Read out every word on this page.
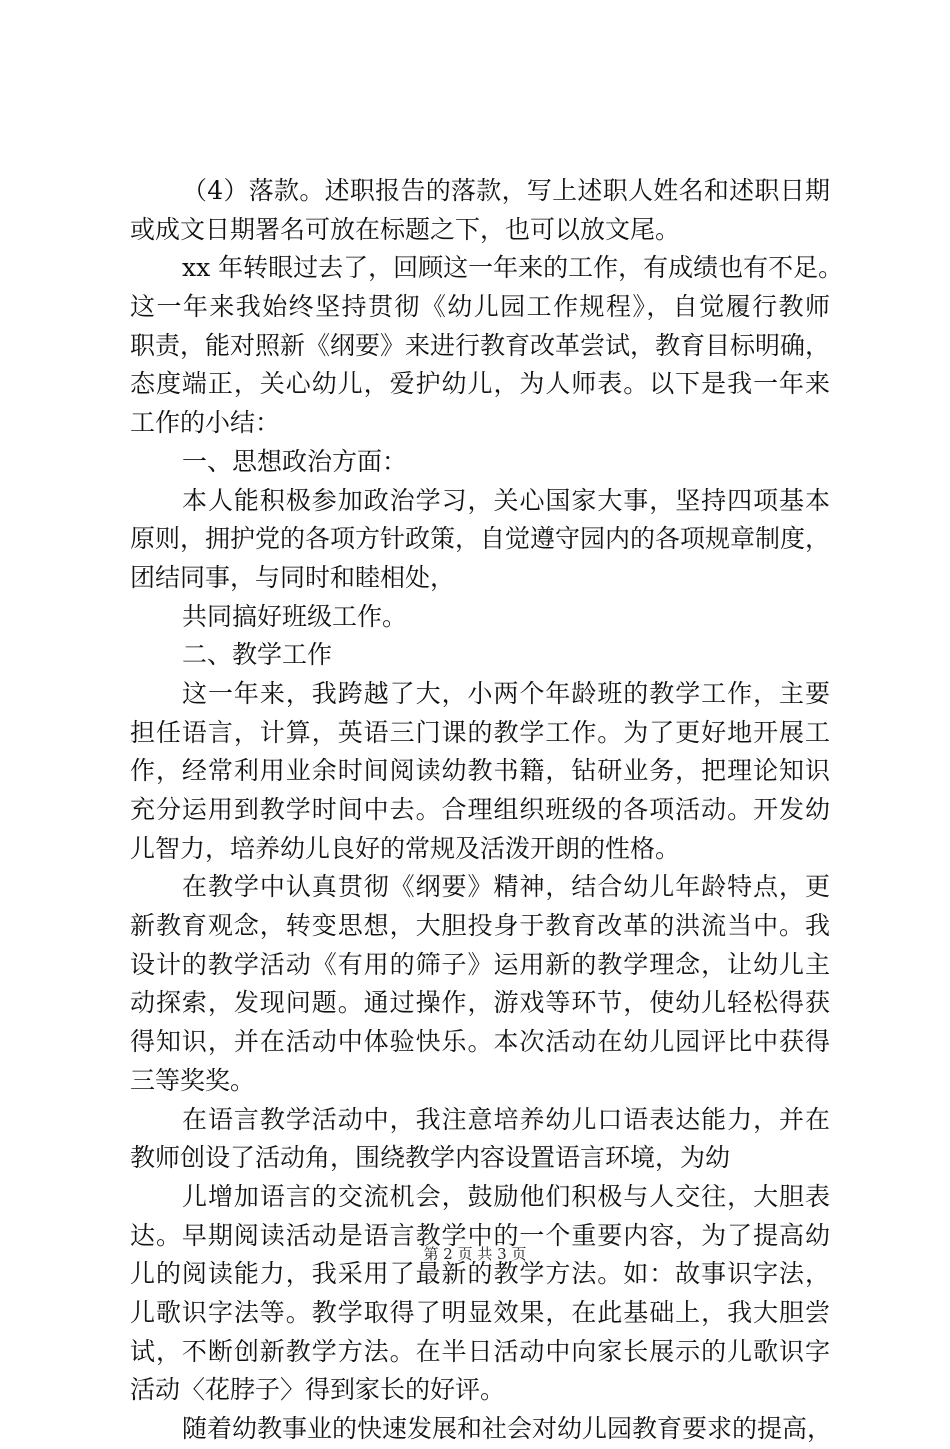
（4）落款。述职报告的落款，写上述职人姓名和述职日期
或成文日期署名可放在标题之下，也可以放文尾。
xx 年转眼过去了，回顾这一年来的工作，有成绩也有不足。
这一年来我始终坚持贯彻《幼儿园工作规程》，自觉履行教师
职责，能对照新《纲要》来进行教育改革尝试，教育目标明确，
态度端正，关心幼儿，爱护幼儿，为人师表。以下是我一年来
工作的小结：
一、思想政治方面：
本人能积极参加政治学习，关心国家大事，坚持四项基本
原则，拥护党的各项方针政策，自觉遵守园内的各项规章制度，
团结同事，与同时和睦相处，
共同搞好班级工作。
二、教学工作
这一年来，我跨越了大，小两个年龄班的教学工作，主要
担任语言，计算，英语三门课的教学工作。为了更好地开展工
作，经常利用业余时间阅读幼教书籍，钻研业务，把理论知识
充分运用到教学时间中去。合理组织班级的各项活动。开发幼
儿智力，培养幼儿良好的常规及活泼开朗的性格。
在教学中认真贯彻《纲要》精神，结合幼儿年龄特点，更
新教育观念，转变思想，大胆投身于教育改革的洪流当中。我
设计的教学活动《有用的筛子》运用新的教学理念，让幼儿主
动探索，发现问题。通过操作，游戏等环节，使幼儿轻松得获
得知识，并在活动中体验快乐。本次活动在幼儿园评比中获得
三等奖奖。
在语言教学活动中，我注意培养幼儿口语表达能力，并在
教师创设了活动角，围绕教学内容设置语言环境，为幼
儿增加语言的交流机会，鼓励他们积极与人交往，大胆表
达。早期阅读活动是语言教学中的一个重要内容，为了提高幼
儿的阅读能力，我采用了最新的教学方法。如：故事识字法，
儿歌识字法等。教学取得了明显效果，在此基础上，我大胆尝
试，不断创新教学方法。在半日活动中向家长展示的儿歌识字
活动〈花脖子〉得到家长的好评。
随着幼教事业的快速发展和社会对幼儿园教育要求的提高，
第 2 页 共 3 页
